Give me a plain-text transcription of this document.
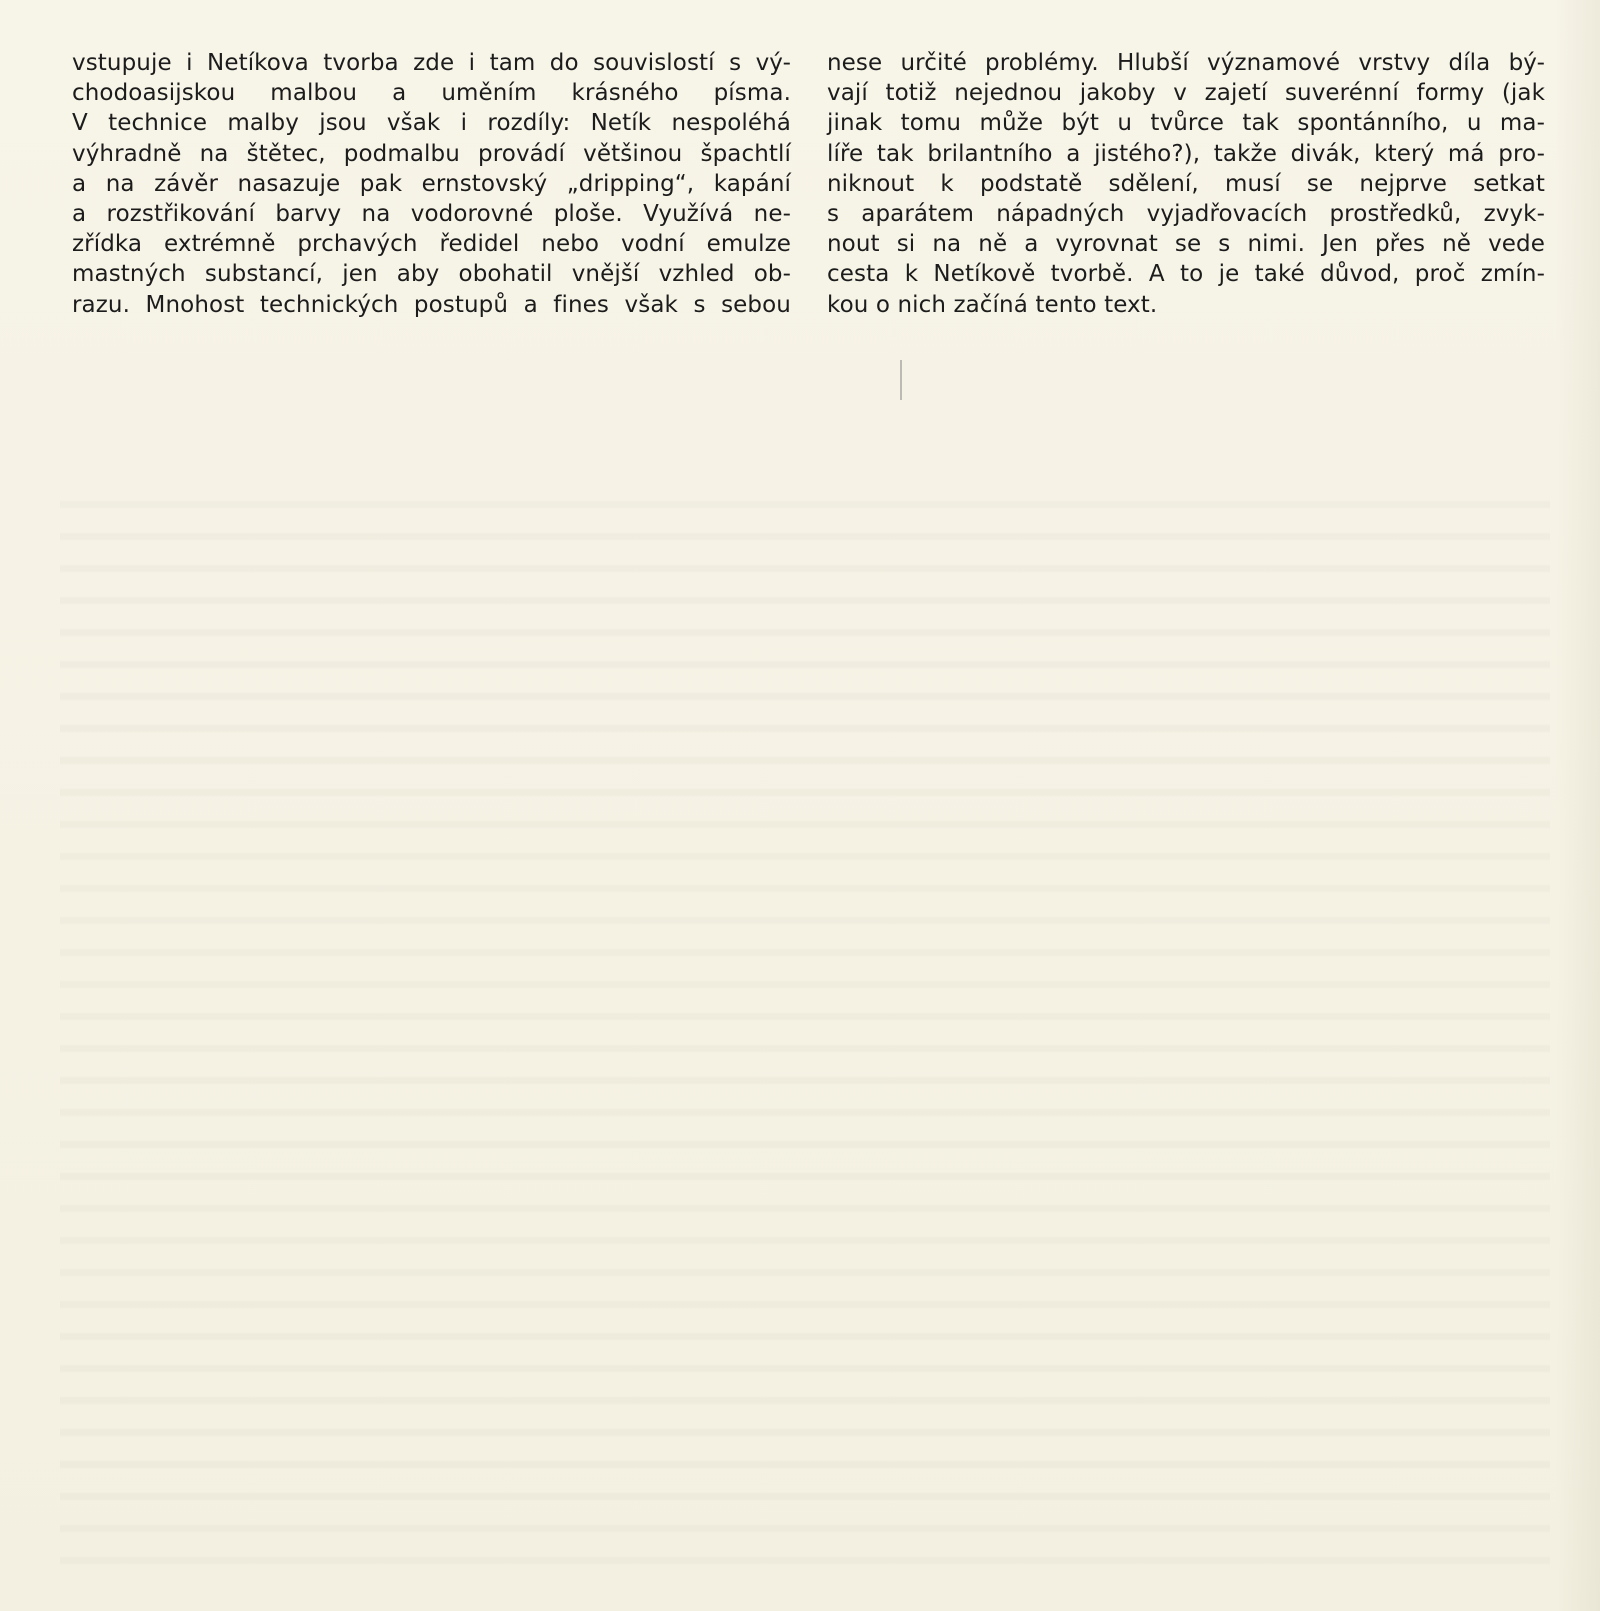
vstupuje i Netíkova tvorba zde i tam do souvislostí s vý-
chodoasijskou malbou a uměním krásného písma.
V technice malby jsou však i rozdíly: Netík nespoléhá
výhradně na štětec, podmalbu provádí většinou špachtlí
a na závěr nasazuje pak ernstovský „dripping“, kapání
a rozstřikování barvy na vodorovné ploše. Využívá ne-
zřídka extrémně prchavých ředidel nebo vodní emulze
mastných substancí, jen aby obohatil vnější vzhled ob-
razu. Mnohost technických postupů a fines však s sebou
nese určité problémy. Hlubší významové vrstvy díla bý-
vají totiž nejednou jakoby v zajetí suverénní formy (jak
jinak tomu může být u tvůrce tak spontánního, u ma-
líře tak brilantního a jistého?), takže divák, který má pro-
niknout k podstatě sdělení, musí se nejprve setkat
s aparátem nápadných vyjadřovacích prostředků, zvyk-
nout si na ně a vyrovnat se s nimi. Jen přes ně vede
cesta k Netíkově tvorbě. A to je také důvod, proč zmín-
kou o nich začíná tento text.
